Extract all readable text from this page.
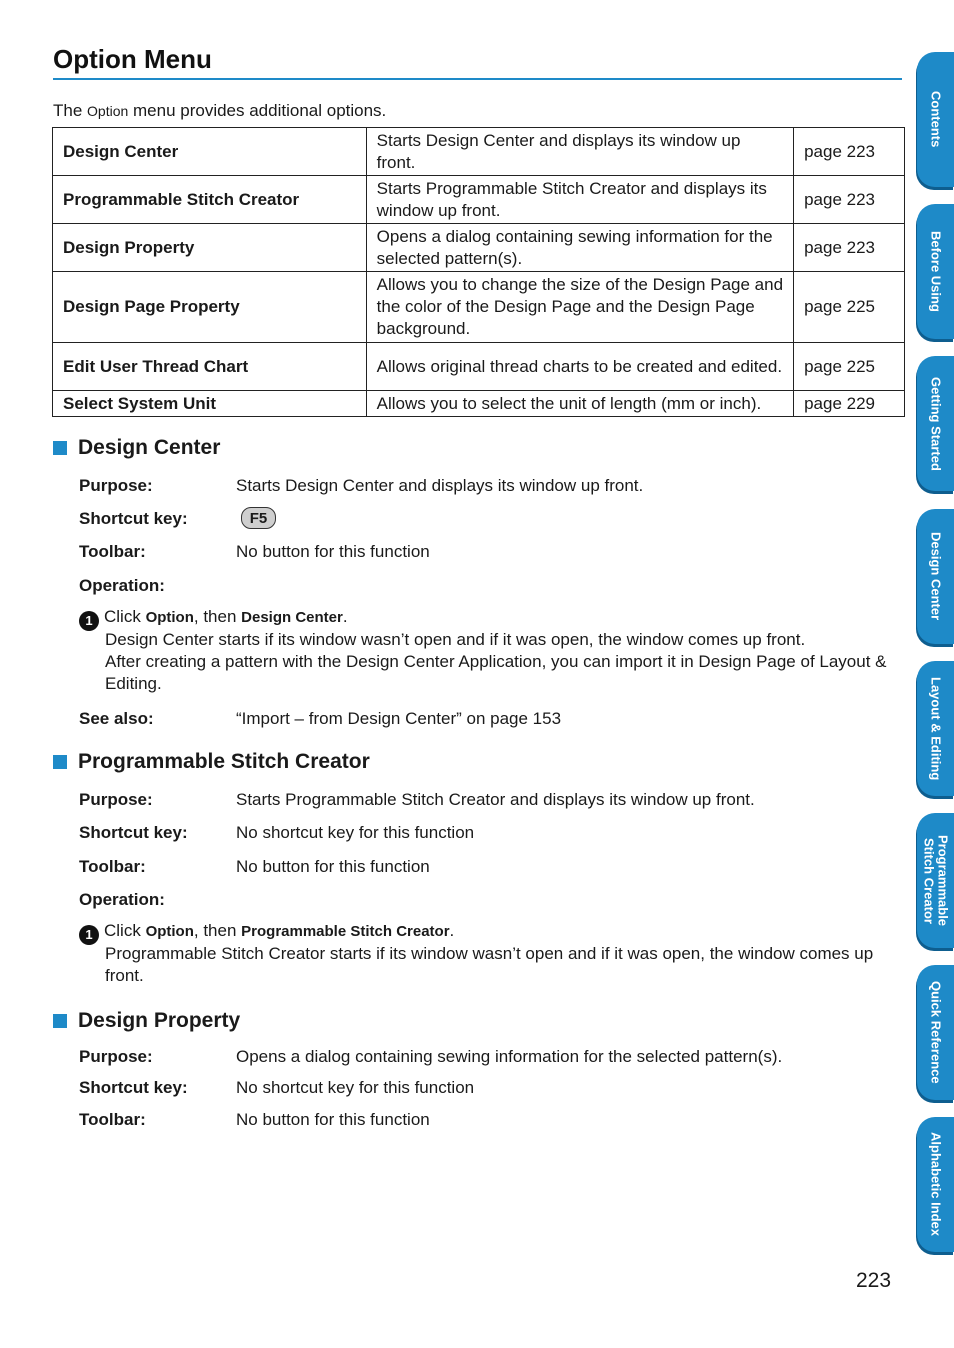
Option Menu
The Option menu provides additional options.
Design Center	Starts Design Center and displays its window up front.	page 223
Programmable Stitch Creator	Starts Programmable Stitch Creator and displays its window up front.	page 223
Design Property	Opens a dialog containing sewing information for the selected pattern(s).	page 223
Design Page Property	Allows you to change the size of the Design Page and the color of the Design Page and the Design Page background.	page 225
Edit User Thread Chart	Allows original thread charts to be created and edited.	page 225
Select System Unit	Allows you to select the unit of length (mm or inch).	page 229
Design Center
Purpose:	Starts Design Center and displays its window up front.
Shortcut key:	F5
Toolbar:	No button for this function
Operation:
1 Click Option, then Design Center.
Design Center starts if its window wasn’t open and if it was open, the window comes up front.
After creating a pattern with the Design Center Application, you can import it in Design Page of Layout & Editing.
See also:	“Import – from Design Center” on page 153
Programmable Stitch Creator
Purpose:	Starts Programmable Stitch Creator and displays its window up front.
Shortcut key:	No shortcut key for this function
Toolbar:	No button for this function
Operation:
1 Click Option, then Programmable Stitch Creator.
Programmable Stitch Creator starts if its window wasn’t open and if it was open, the window comes up front.
Design Property
Purpose:	Opens a dialog containing sewing information for the selected pattern(s).
Shortcut key:	No shortcut key for this function
Toolbar:	No button for this function
Contents
Before Using
Getting Started
Design Center
Layout & Editing
Programmable
Stitch Creator
Quick Reference
Alphabetic Index
223
